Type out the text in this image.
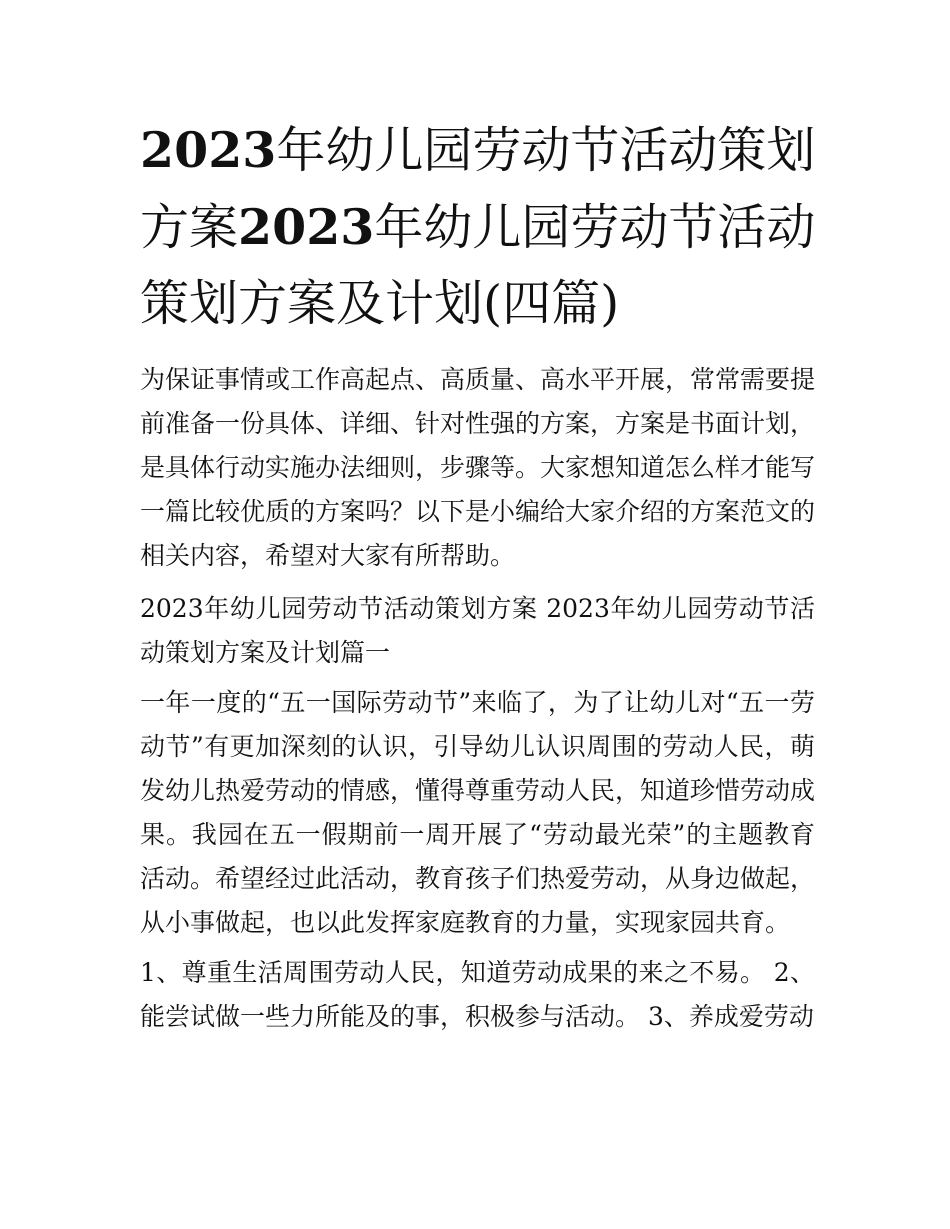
2023年幼儿园劳动节活动策划方案2023年幼儿园劳动节活动策划方案及计划(四篇)

为保证事情或工作高起点、高质量、高水平开展，常常需要提前准备一份具体、详细、针对性强的方案，方案是书面计划，是具体行动实施办法细则，步骤等。大家想知道怎么样才能写一篇比较优质的方案吗？以下是小编给大家介绍的方案范文的相关内容，希望对大家有所帮助。

2023年幼儿园劳动节活动策划方案 2023年幼儿园劳动节活动策划方案及计划篇一

一年一度的“五一国际劳动节”来临了，为了让幼儿对“五一劳动节”有更加深刻的认识，引导幼儿认识周围的劳动人民，萌发幼儿热爱劳动的情感，懂得尊重劳动人民，知道珍惜劳动成果。我园在五一假期前一周开展了“劳动最光荣”的主题教育活动。希望经过此活动，教育孩子们热爱劳动，从身边做起，从小事做起，也以此发挥家庭教育的力量，实现家园共育。

1、尊重生活周围劳动人民，知道劳动成果的来之不易。 2、能尝试做一些力所能及的事，积极参与活动。 3、养成爱劳动
